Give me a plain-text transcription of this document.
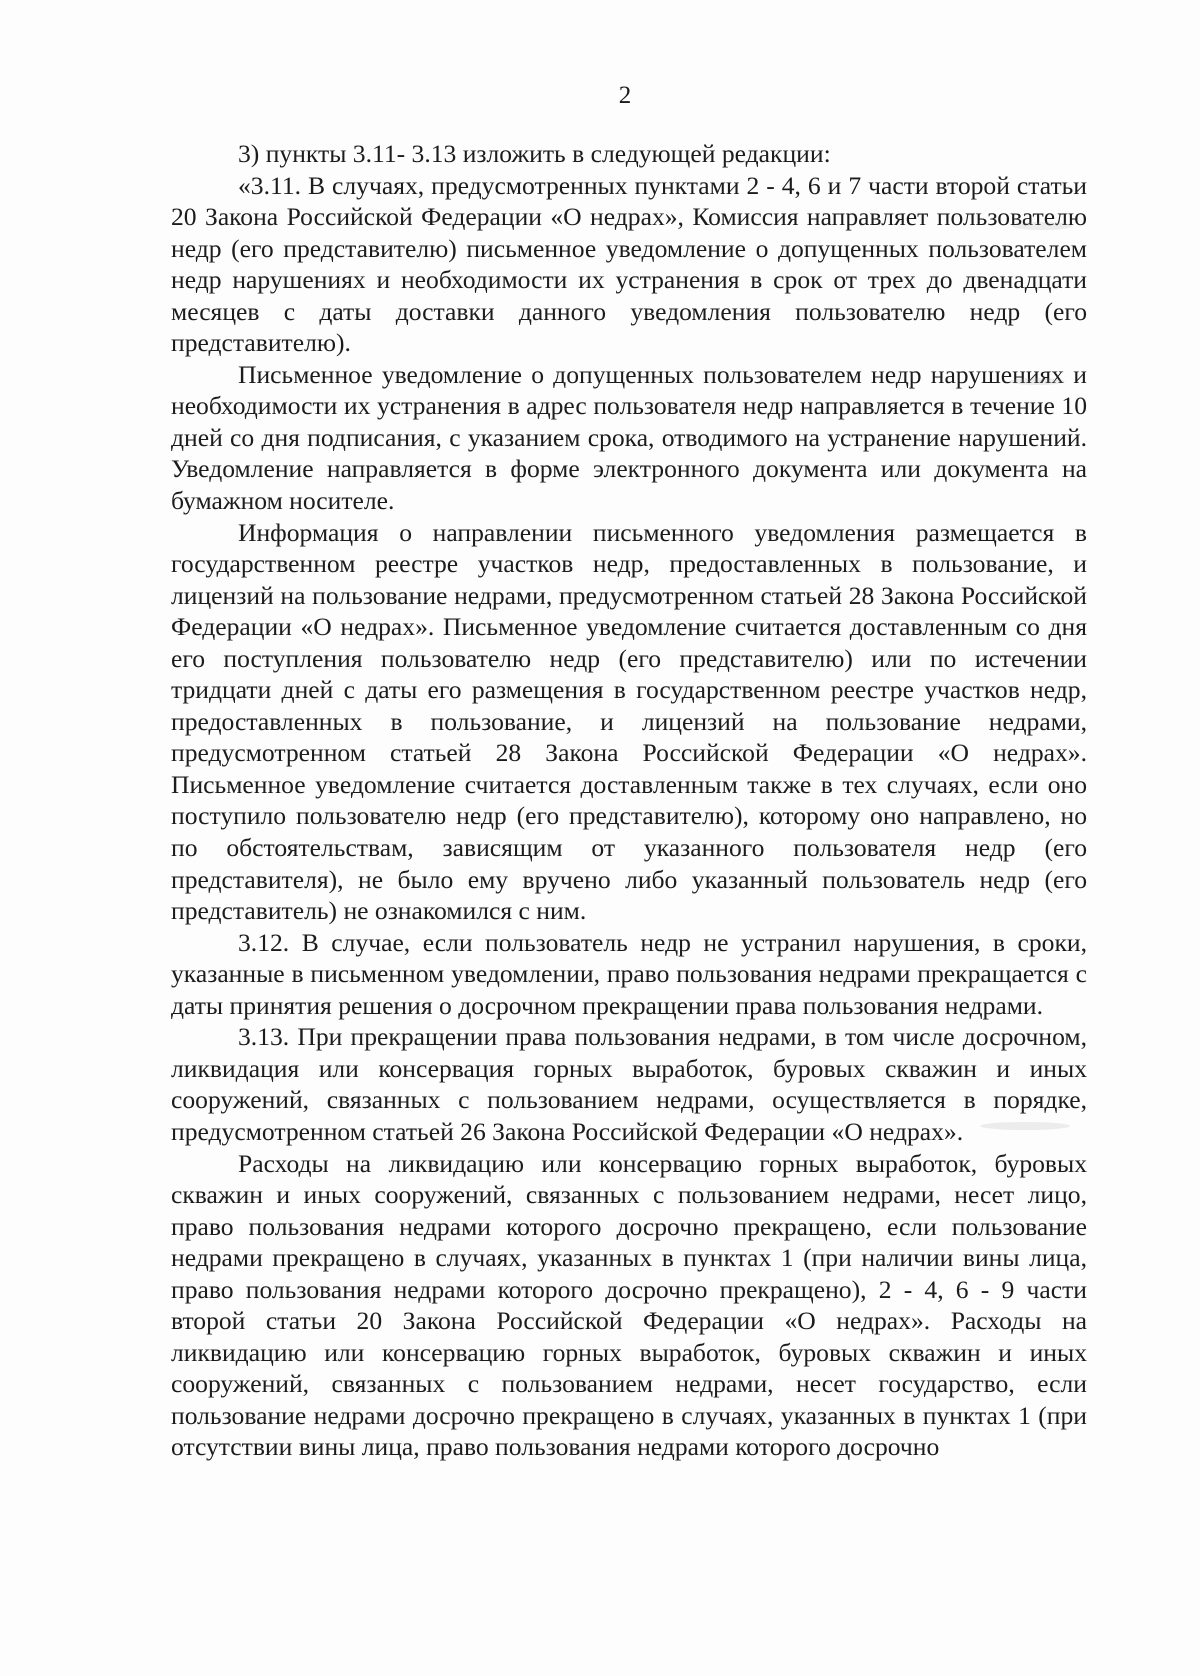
2

3) пункты 3.11- 3.13 изложить в следующей редакции:

«3.11. В случаях, предусмотренных пунктами 2 - 4, 6 и 7 части второй статьи 20 Закона Российской Федерации «О недрах», Комиссия направляет пользователю недр (его представителю) письменное уведомление о допущенных пользователем недр нарушениях и необходимости их устранения в срок от трех до двенадцати месяцев с даты доставки данного уведомления пользователю недр (его представителю).

Письменное уведомление о допущенных пользователем недр нарушениях и необходимости их устранения в адрес пользователя недр направляется в течение 10 дней со дня подписания, с указанием срока, отводимого на устранение нарушений. Уведомление направляется в форме электронного документа или документа на бумажном носителе.

Информация о направлении письменного уведомления размещается в государственном реестре участков недр, предоставленных в пользование, и лицензий на пользование недрами, предусмотренном статьей 28 Закона Российской Федерации «О недрах». Письменное уведомление считается доставленным со дня его поступления пользователю недр (его представителю) или по истечении тридцати дней с даты его размещения в государственном реестре участков недр, предоставленных в пользование, и лицензий на пользование недрами, предусмотренном статьей 28 Закона Российской Федерации «О недрах». Письменное уведомление считается доставленным также в тех случаях, если оно поступило пользователю недр (его представителю), которому оно направлено, но по обстоятельствам, зависящим от указанного пользователя недр (его представителя), не было ему вручено либо указанный пользователь недр (его представитель) не ознакомился с ним.

3.12. В случае, если пользователь недр не устранил нарушения, в сроки, указанные в письменном уведомлении, право пользования недрами прекращается с даты принятия решения о досрочном прекращении права пользования недрами.

3.13. При прекращении права пользования недрами, в том числе досрочном, ликвидация или консервация горных выработок, буровых скважин и иных сооружений, связанных с пользованием недрами, осуществляется в порядке, предусмотренном статьей 26 Закона Российской Федерации «О недрах».

Расходы на ликвидацию или консервацию горных выработок, буровых скважин и иных сооружений, связанных с пользованием недрами, несет лицо, право пользования недрами которого досрочно прекращено, если пользование недрами прекращено в случаях, указанных в пунктах 1 (при наличии вины лица, право пользования недрами которого досрочно прекращено), 2 - 4, 6 - 9 части второй статьи 20 Закона Российской Федерации «О недрах». Расходы на ликвидацию или консервацию горных выработок, буровых скважин и иных сооружений, связанных с пользованием недрами, несет государство, если пользование недрами досрочно прекращено в случаях, указанных в пунктах 1 (при отсутствии вины лица, право пользования недрами которого досрочно
